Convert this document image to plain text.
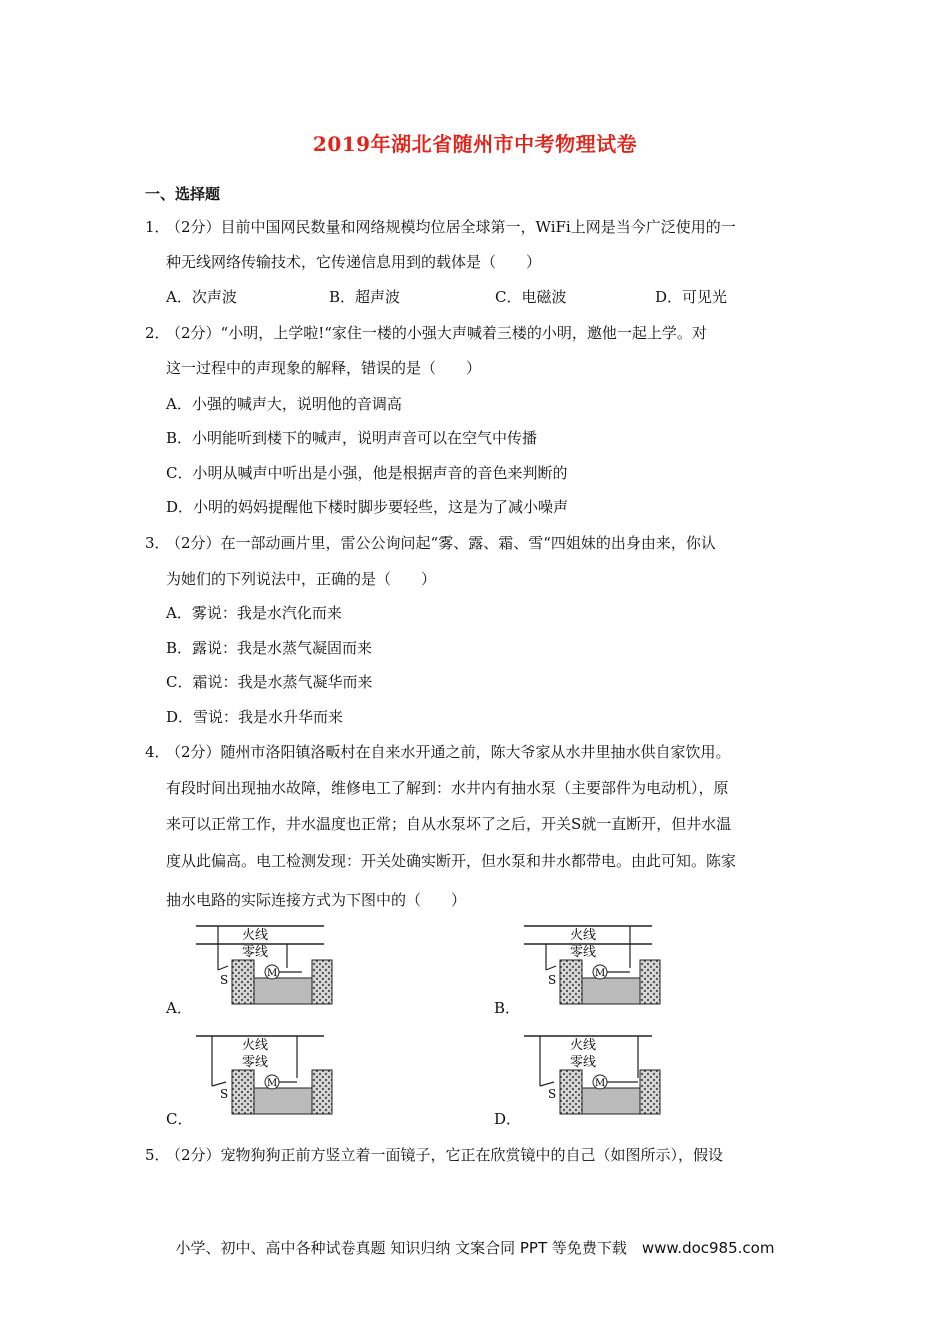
2019年湖北省随州市中考物理试卷
一、选择题
1．
（2分）目前中国网民数量和网络规模均位居全球第一，WiFi上网是当今广泛使用的一
种无线网络传输技术，它传递信息用到的载体是（　　）
A．次声波	B．超声波	C．电磁波	D．可见光
2．
（2分）“小明，上学啦!“家住一楼的小强大声喊着三楼的小明，邀他一起上学。对
这一过程中的声现象的解释，错误的是（　　）
A．小强的喊声大，说明他的音调高
B．小明能听到楼下的喊声，说明声音可以在空气中传播
C．小明从喊声中听出是小强，他是根据声音的音色来判断的
D．小明的妈妈提醒他下楼时脚步要轻些，这是为了减小噪声
3．
（2分）在一部动画片里，雷公公询问起“雾、露、霜、雪“四姐妹的出身由来，你认
为她们的下列说法中，正确的是（　　）
A．雾说：我是水汽化而来
B．露说：我是水蒸气凝固而来
C．霜说：我是水蒸气凝华而来
D．雪说：我是水升华而来
4．
（2分）随州市洛阳镇洛畈村在自来水开通之前，陈大爷家从水井里抽水供自家饮用。
有段时间出现抽水故障，维修电工了解到：水井内有抽水泵（主要部件为电动机），原
来可以正常工作，井水温度也正常；自从水泵坏了之后，开关S就一直断开，但井水温
度从此偏高。电工检测发现：开关处确实断开，但水泵和井水都带电。由此可知。陈家
抽水电路的实际连接方式为下图中的（　　）
A．	B．
C．	D．
火线
零线
S	M
火线
零线
S	M
火线
零线
S
M
火线
零线
S
M
5．
（2分）宠物狗狗正前方竖立着一面镜子，它正在欣赏镜中的自己（如图所示），假设
小学、初中、高中各种试卷真题 知识归纳 文案合同 PPT 等免费下载　www.doc985.com
